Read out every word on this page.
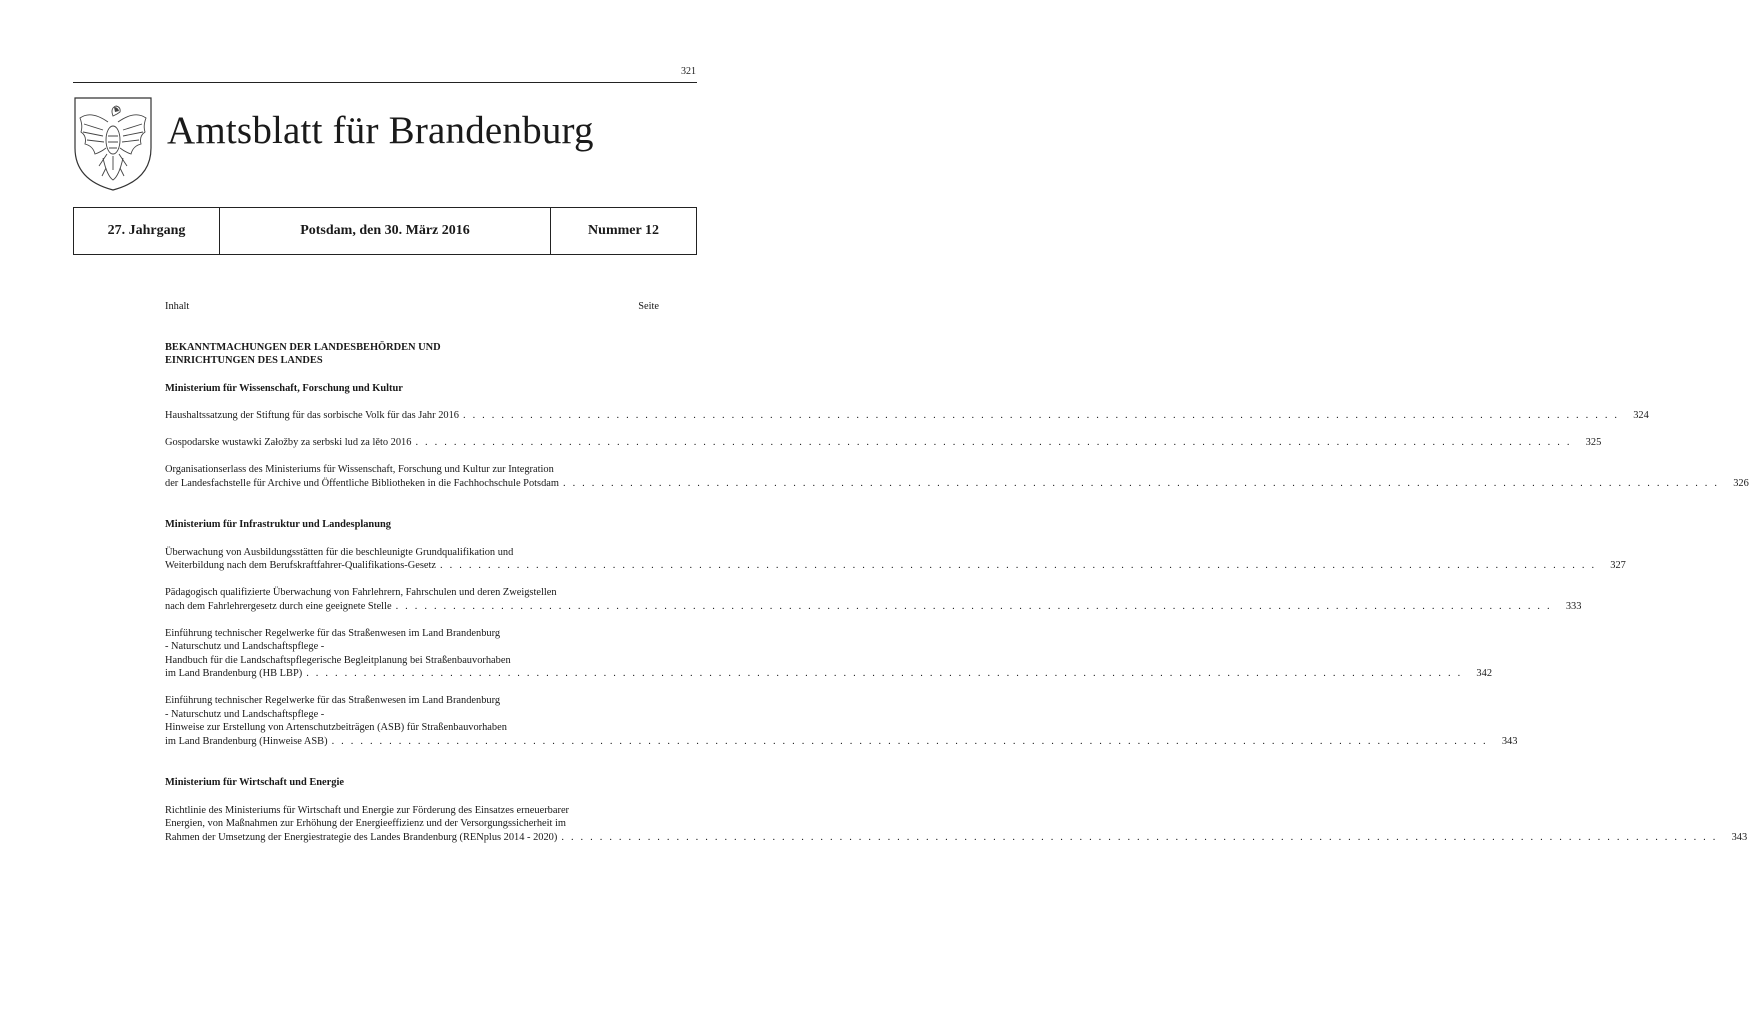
321
Amtsblatt für Brandenburg
27. Jahrgang	Potsdam, den 30. März 2016	Nummer 12
Inhalt	Seite
BEKANNTMACHUNGEN DER LANDESBEHÖRDEN UND
EINRICHTUNGEN DES LANDES
Ministerium für Wissenschaft, Forschung und Kultur
Haushaltssatzung der Stiftung für das sorbische Volk für das Jahr 2016 . . .	324
Gospodarske wustawki Załožby za serbski lud za lěto 2016 . . .	325
Organisationserlass des Ministeriums für Wissenschaft, Forschung und Kultur zur Integration
der Landesfachstelle für Archive und Öffentliche Bibliotheken in die Fachhochschule Potsdam . . .	326
Ministerium für Infrastruktur und Landesplanung
Überwachung von Ausbildungsstätten für die beschleunigte Grundqualifikation und
Weiterbildung nach dem Berufskraftfahrer-Qualifikations-Gesetz . . .	327
Pädagogisch qualifizierte Überwachung von Fahrlehrern, Fahrschulen und deren Zweigstellen
nach dem Fahrlehrergesetz durch eine geeignete Stelle . . .	333
Einführung technischer Regelwerke für das Straßenwesen im Land Brandenburg
- Naturschutz und Landschaftspflege -
Handbuch für die Landschaftspflegerische Begleitplanung bei Straßenbauvorhaben
im Land Brandenburg (HB LBP) . . .	342
Einführung technischer Regelwerke für das Straßenwesen im Land Brandenburg
- Naturschutz und Landschaftspflege -
Hinweise zur Erstellung von Artenschutzbeiträgen (ASB) für Straßenbauvorhaben
im Land Brandenburg (Hinweise ASB) . . .	343
Ministerium für Wirtschaft und Energie
Richtlinie des Ministeriums für Wirtschaft und Energie zur Förderung des Einsatzes erneuerbarer
Energien, von Maßnahmen zur Erhöhung der Energieeffizienz und der Versorgungssicherheit im
Rahmen der Umsetzung der Energiestrategie des Landes Brandenburg (RENplus 2014 - 2020) . . .	343
